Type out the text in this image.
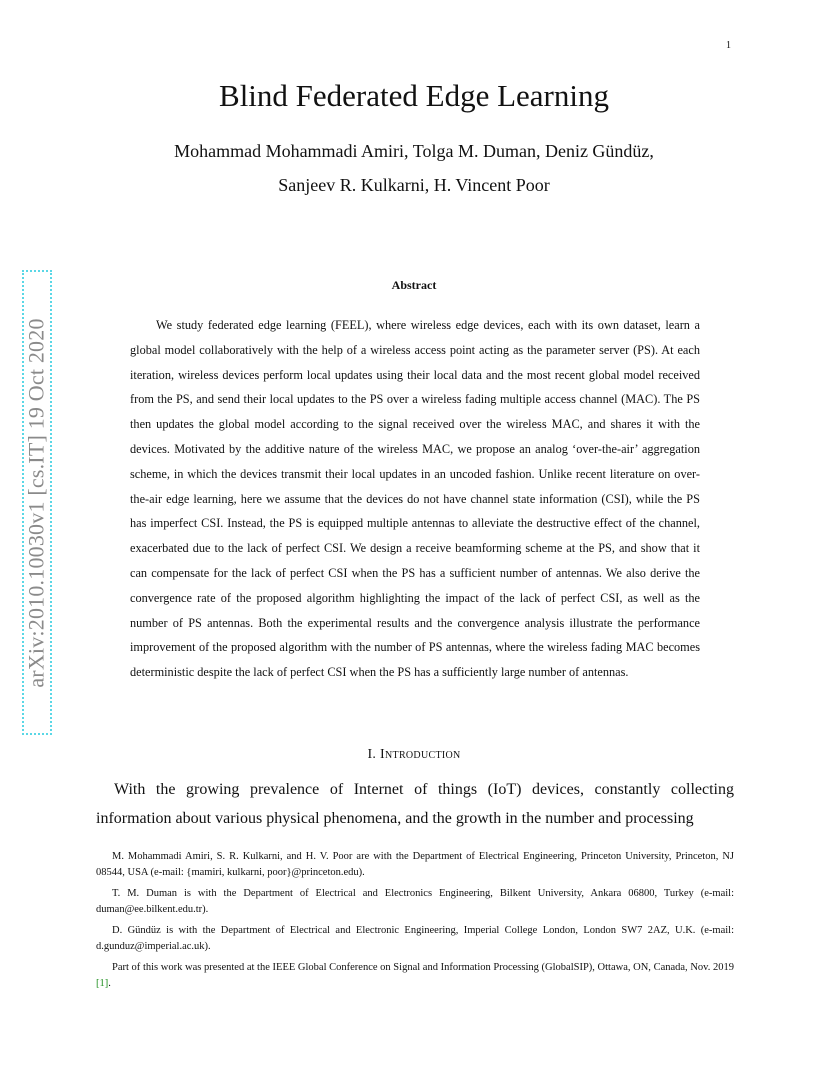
1
arXiv:2010.10030v1 [cs.IT] 19 Oct 2020
Blind Federated Edge Learning
Mohammad Mohammadi Amiri, Tolga M. Duman, Deniz Gündüz,
Sanjeev R. Kulkarni, H. Vincent Poor
Abstract

We study federated edge learning (FEEL), where wireless edge devices, each with its own dataset, learn a global model collaboratively with the help of a wireless access point acting as the parameter server (PS). At each iteration, wireless devices perform local updates using their local data and the most recent global model received from the PS, and send their local updates to the PS over a wireless fading multiple access channel (MAC). The PS then updates the global model according to the signal received over the wireless MAC, and shares it with the devices. Motivated by the additive nature of the wireless MAC, we propose an analog ‘over-the-air’ aggregation scheme, in which the devices transmit their local updates in an uncoded fashion. Unlike recent literature on over-the-air edge learning, here we assume that the devices do not have channel state information (CSI), while the PS has imperfect CSI. Instead, the PS is equipped multiple antennas to alleviate the destructive effect of the channel, exacerbated due to the lack of perfect CSI. We design a receive beamforming scheme at the PS, and show that it can compensate for the lack of perfect CSI when the PS has a sufficient number of antennas. We also derive the convergence rate of the proposed algorithm highlighting the impact of the lack of perfect CSI, as well as the number of PS antennas. Both the experimental results and the convergence analysis illustrate the performance improvement of the proposed algorithm with the number of PS antennas, where the wireless fading MAC becomes deterministic despite the lack of perfect CSI when the PS has a sufficiently large number of antennas.

I. Introduction

With the growing prevalence of Internet of things (IoT) devices, constantly collecting information about various physical phenomena, and the growth in the number and processing

M. Mohammadi Amiri, S. R. Kulkarni, and H. V. Poor are with the Department of Electrical Engineering, Princeton University, Princeton, NJ 08544, USA (e-mail: {mamiri, kulkarni, poor}@princeton.edu).

T. M. Duman is with the Department of Electrical and Electronics Engineering, Bilkent University, Ankara 06800, Turkey (e-mail: duman@ee.bilkent.edu.tr).

D. Gündüz is with the Department of Electrical and Electronic Engineering, Imperial College London, London SW7 2AZ, U.K. (e-mail: d.gunduz@imperial.ac.uk).

Part of this work was presented at the IEEE Global Conference on Signal and Information Processing (GlobalSIP), Ottawa, ON, Canada, Nov. 2019 [1].
